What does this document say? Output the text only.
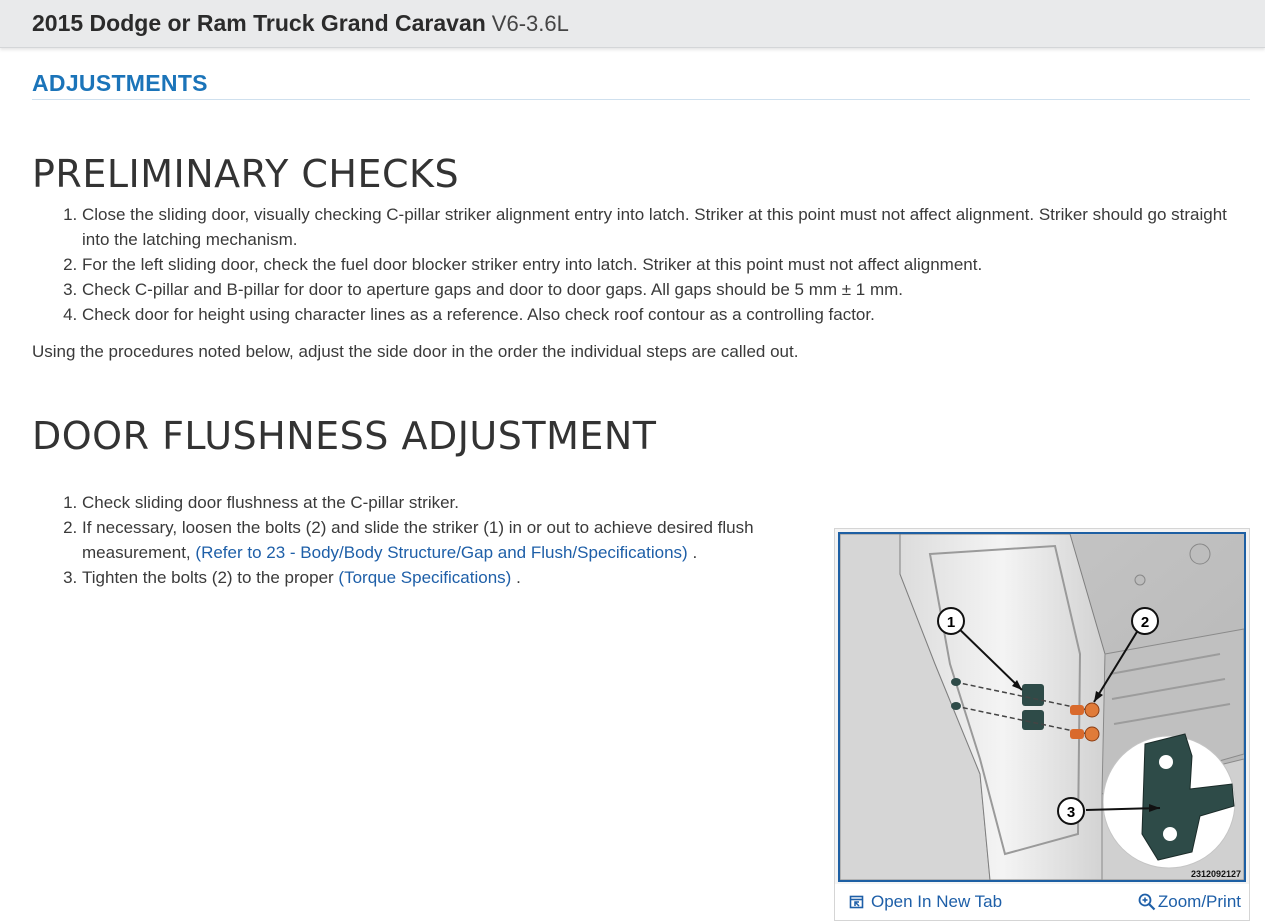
2015 Dodge or Ram Truck Grand Caravan V6-3.6L
ADJUSTMENTS
PRELIMINARY CHECKS
1. Close the sliding door, visually checking C-pillar striker alignment entry into latch. Striker at this point must not affect alignment. Striker should go straight into the latching mechanism.
2. For the left sliding door, check the fuel door blocker striker entry into latch. Striker at this point must not affect alignment.
3. Check C-pillar and B-pillar for door to aperture gaps and door to door gaps. All gaps should be 5 mm ± 1 mm.
4. Check door for height using character lines as a reference. Also check roof contour as a controlling factor.

Using the procedures noted below, adjust the side door in the order the individual steps are called out.

DOOR FLUSHNESS ADJUSTMENT
1. Check sliding door flushness at the C-pillar striker.
2. If necessary, loosen the bolts (2) and slide the striker (1) in or out to achieve desired flush measurement, (Refer to 23 - Body/Body Structure/Gap and Flush/Specifications) .
3. Tighten the bolts (2) to the proper (Torque Specifications) .
1	2
3
2312092127
Open In New Tab	Zoom/Print
